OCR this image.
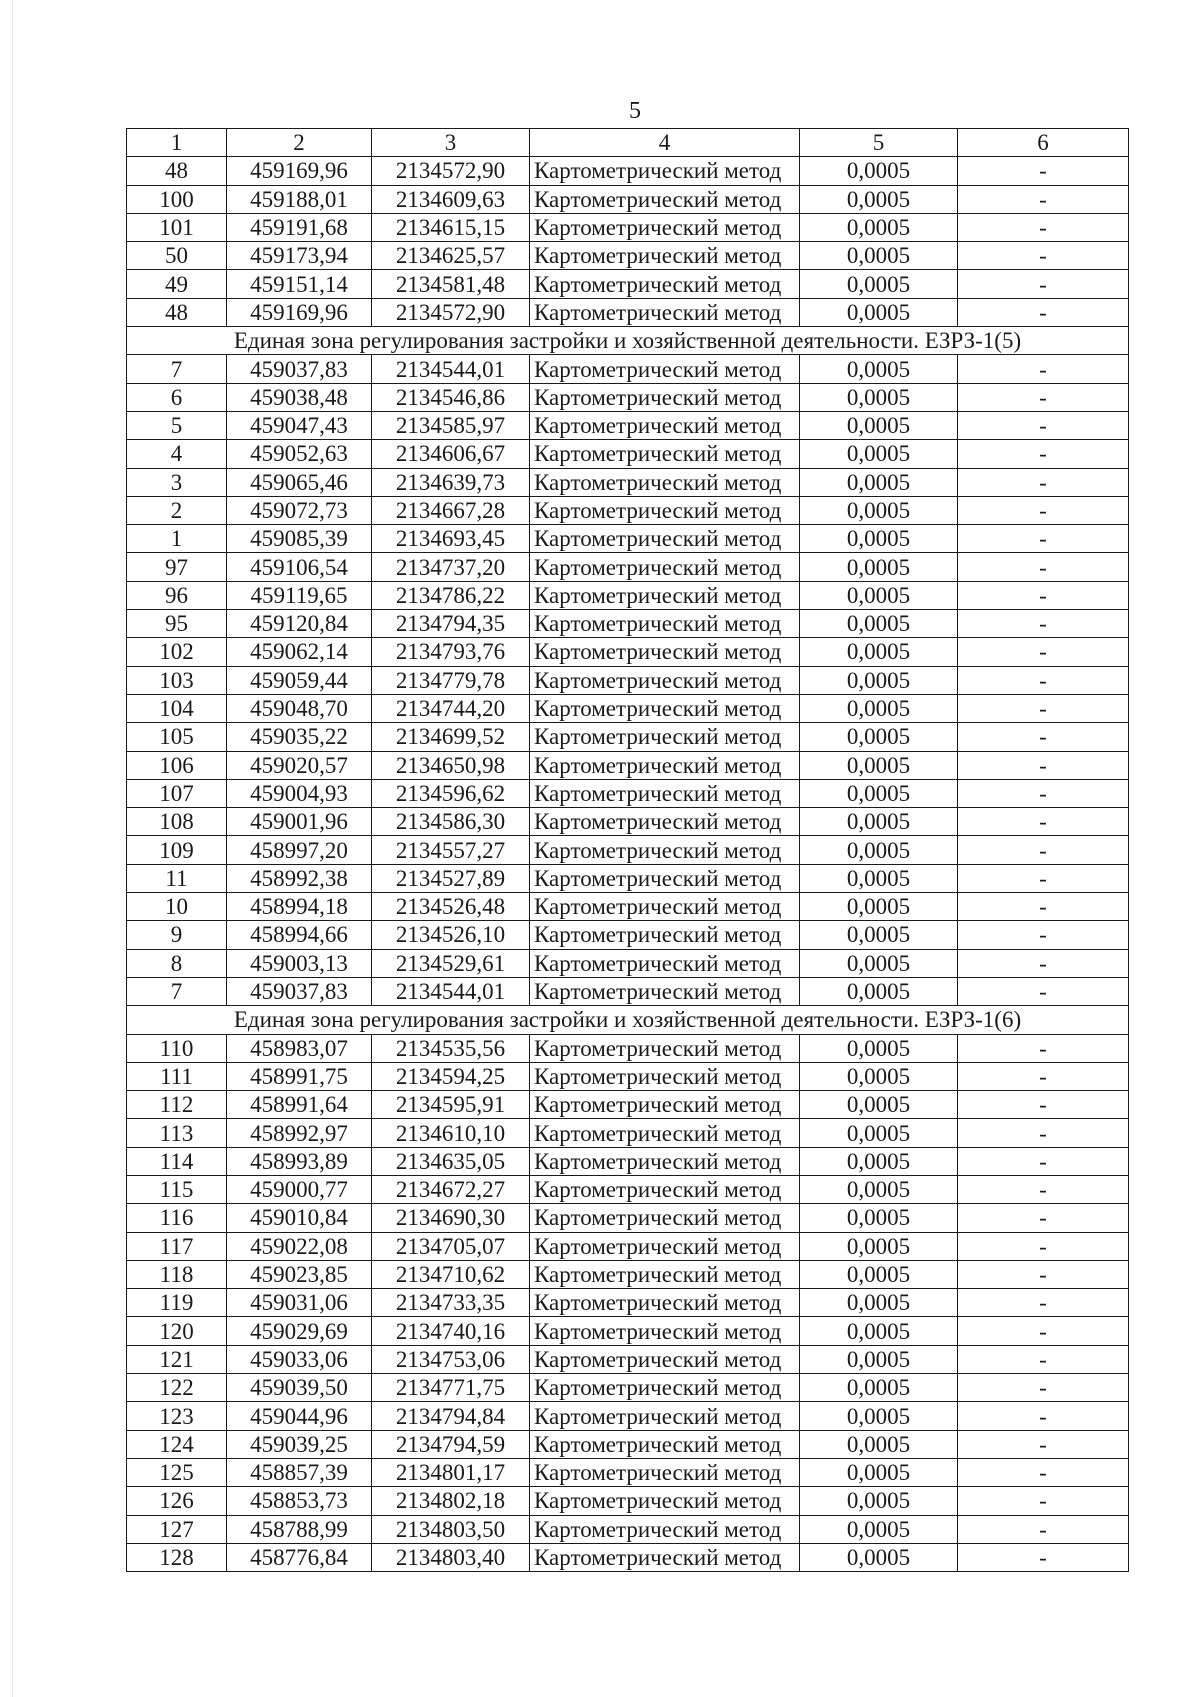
5
1	2	3	4	5	6
48	459169,96	2134572,90	Картометрический метод	0,0005	-
100	459188,01	2134609,63	Картометрический метод	0,0005	-
101	459191,68	2134615,15	Картометрический метод	0,0005	-
50	459173,94	2134625,57	Картометрический метод	0,0005	-
49	459151,14	2134581,48	Картометрический метод	0,0005	-
48	459169,96	2134572,90	Картометрический метод	0,0005	-
Единая зона регулирования застройки и хозяйственной деятельности. ЕЗРЗ-1(5)					
7	459037,83	2134544,01	Картометрический метод	0,0005	-
6	459038,48	2134546,86	Картометрический метод	0,0005	-
5	459047,43	2134585,97	Картометрический метод	0,0005	-
4	459052,63	2134606,67	Картометрический метод	0,0005	-
3	459065,46	2134639,73	Картометрический метод	0,0005	-
2	459072,73	2134667,28	Картометрический метод	0,0005	-
1	459085,39	2134693,45	Картометрический метод	0,0005	-
97	459106,54	2134737,20	Картометрический метод	0,0005	-
96	459119,65	2134786,22	Картометрический метод	0,0005	-
95	459120,84	2134794,35	Картометрический метод	0,0005	-
102	459062,14	2134793,76	Картометрический метод	0,0005	-
103	459059,44	2134779,78	Картометрический метод	0,0005	-
104	459048,70	2134744,20	Картометрический метод	0,0005	-
105	459035,22	2134699,52	Картометрический метод	0,0005	-
106	459020,57	2134650,98	Картометрический метод	0,0005	-
107	459004,93	2134596,62	Картометрический метод	0,0005	-
108	459001,96	2134586,30	Картометрический метод	0,0005	-
109	458997,20	2134557,27	Картометрический метод	0,0005	-
11	458992,38	2134527,89	Картометрический метод	0,0005	-
10	458994,18	2134526,48	Картометрический метод	0,0005	-
9	458994,66	2134526,10	Картометрический метод	0,0005	-
8	459003,13	2134529,61	Картометрический метод	0,0005	-
7	459037,83	2134544,01	Картометрический метод	0,0005	-
Единая зона регулирования застройки и хозяйственной деятельности. ЕЗРЗ-1(6)					
110	458983,07	2134535,56	Картометрический метод	0,0005	-
111	458991,75	2134594,25	Картометрический метод	0,0005	-
112	458991,64	2134595,91	Картометрический метод	0,0005	-
113	458992,97	2134610,10	Картометрический метод	0,0005	-
114	458993,89	2134635,05	Картометрический метод	0,0005	-
115	459000,77	2134672,27	Картометрический метод	0,0005	-
116	459010,84	2134690,30	Картометрический метод	0,0005	-
117	459022,08	2134705,07	Картометрический метод	0,0005	-
118	459023,85	2134710,62	Картометрический метод	0,0005	-
119	459031,06	2134733,35	Картометрический метод	0,0005	-
120	459029,69	2134740,16	Картометрический метод	0,0005	-
121	459033,06	2134753,06	Картометрический метод	0,0005	-
122	459039,50	2134771,75	Картометрический метод	0,0005	-
123	459044,96	2134794,84	Картометрический метод	0,0005	-
124	459039,25	2134794,59	Картометрический метод	0,0005	-
125	458857,39	2134801,17	Картометрический метод	0,0005	-
126	458853,73	2134802,18	Картометрический метод	0,0005	-
127	458788,99	2134803,50	Картометрический метод	0,0005	-
128	458776,84	2134803,40	Картометрический метод	0,0005	-
